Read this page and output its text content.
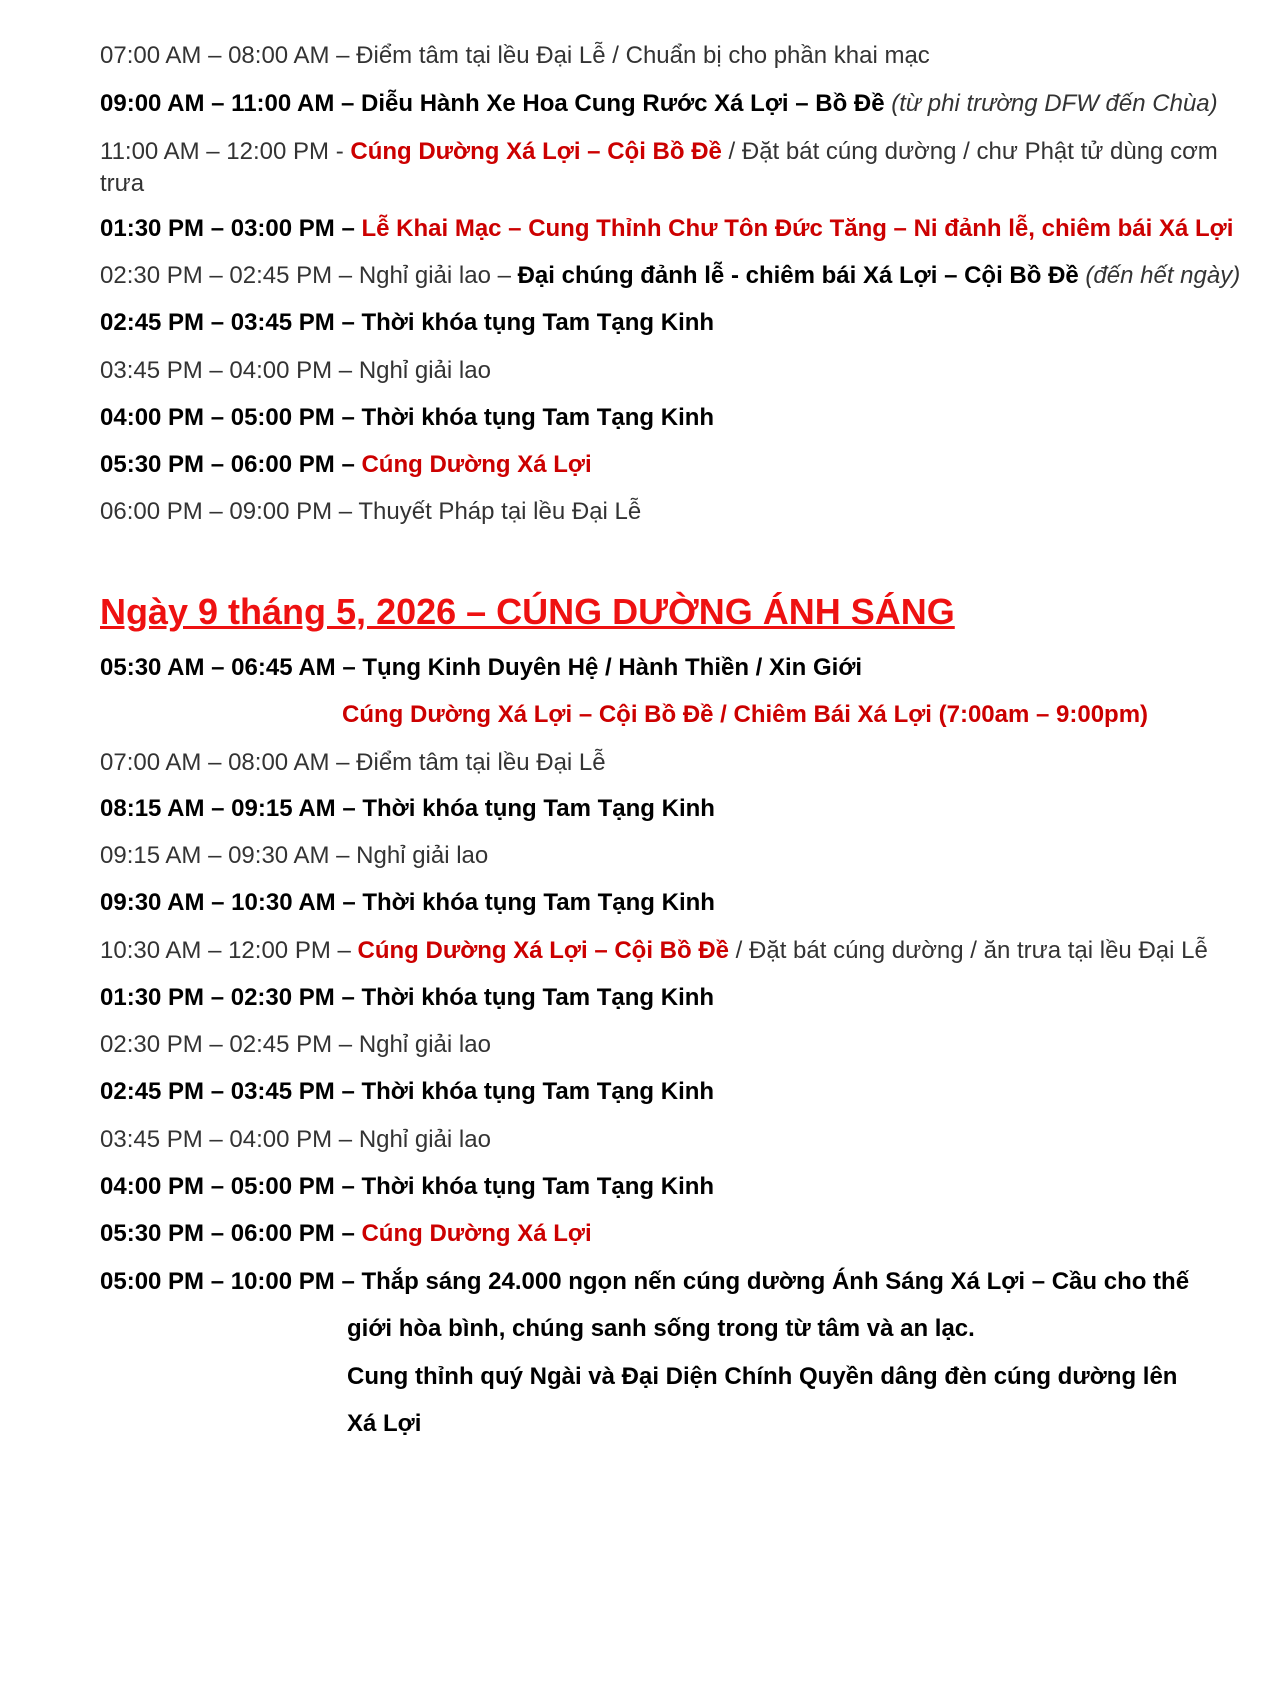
07:00 AM – 08:00 AM – Điểm tâm tại lều Đại Lễ / Chuẩn bị cho phần khai mạc
09:00 AM – 11:00 AM – Diễu Hành Xe Hoa Cung Rước Xá Lợi – Bồ Đề (từ phi trường DFW đến Chùa)
11:00 AM – 12:00 PM - Cúng Dường Xá Lợi – Cội Bồ Đề / Đặt bát cúng dường / chư Phật tử dùng cơm trưa
01:30 PM – 03:00 PM – Lễ Khai Mạc – Cung Thỉnh Chư Tôn Đức Tăng – Ni đảnh lễ, chiêm bái Xá Lợi
02:30 PM – 02:45 PM – Nghỉ giải lao – Đại chúng đảnh lễ - chiêm bái Xá Lợi – Cội Bồ Đề (đến hết ngày)
02:45 PM – 03:45 PM – Thời khóa tụng Tam Tạng Kinh
03:45 PM – 04:00 PM – Nghỉ giải lao
04:00 PM – 05:00 PM – Thời khóa tụng Tam Tạng Kinh
05:30 PM – 06:00 PM – Cúng Dường Xá Lợi
06:00 PM – 09:00 PM – Thuyết Pháp tại lều Đại Lễ
Ngày 9 tháng 5, 2026 – CÚNG DƯỜNG ÁNH SÁNG
05:30 AM – 06:45 AM – Tụng Kinh Duyên Hệ / Hành Thiền / Xin Giới
Cúng Dường Xá Lợi – Cội Bồ Đề / Chiêm Bái Xá Lợi (7:00am – 9:00pm)
07:00 AM – 08:00 AM – Điểm tâm tại lều Đại Lễ
08:15 AM – 09:15 AM – Thời khóa tụng Tam Tạng Kinh
09:15 AM – 09:30 AM – Nghỉ giải lao
09:30 AM – 10:30 AM – Thời khóa tụng Tam Tạng Kinh
10:30 AM – 12:00 PM – Cúng Dường Xá Lợi – Cội Bồ Đề / Đặt bát cúng dường / ăn trưa tại lều Đại Lễ
01:30 PM – 02:30 PM – Thời khóa tụng Tam Tạng Kinh
02:30 PM – 02:45 PM – Nghỉ giải lao
02:45 PM – 03:45 PM – Thời khóa tụng Tam Tạng Kinh
03:45 PM – 04:00 PM – Nghỉ giải lao
04:00 PM – 05:00 PM – Thời khóa tụng Tam Tạng Kinh
05:30 PM – 06:00 PM – Cúng Dường Xá Lợi
05:00 PM – 10:00 PM – Thắp sáng 24.000 ngọn nến cúng dường Ánh Sáng Xá Lợi – Cầu cho thế
giới hòa bình, chúng sanh sống trong từ tâm và an lạc.
Cung thỉnh quý Ngài và Đại Diện Chính Quyền dâng đèn cúng dường lên
Xá Lợi
